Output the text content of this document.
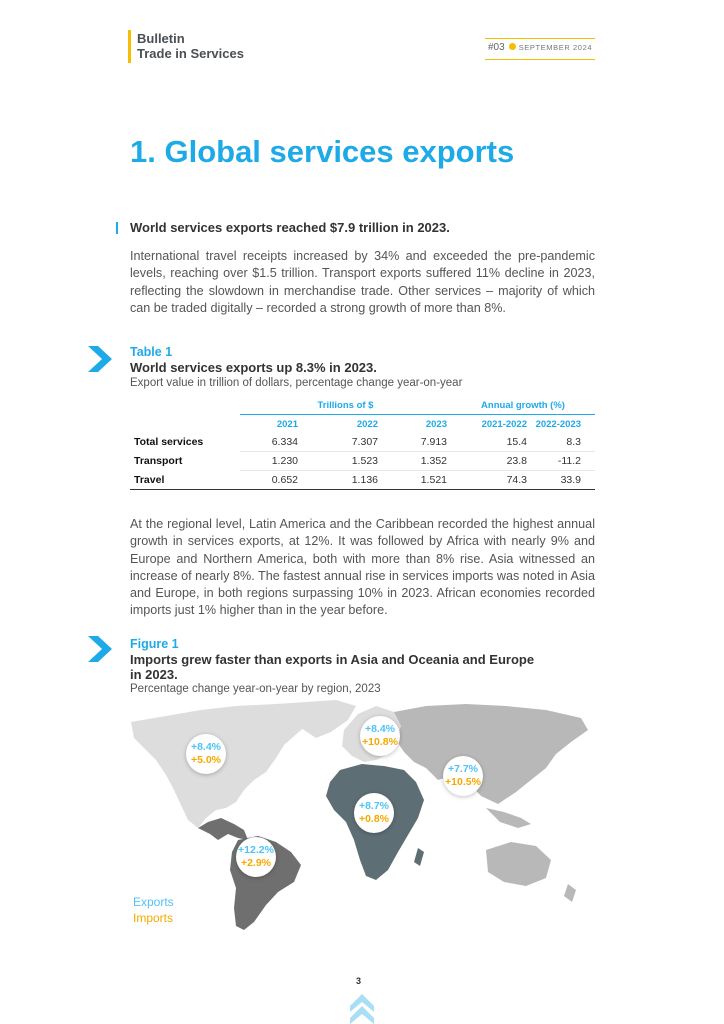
Bulletin
Trade in Services	#03 SEPTEMBER 2024
1. Global services exports
World services exports reached $7.9 trillion in 2023.
International travel receipts increased by 34% and exceeded the pre-pandemic levels, reaching over $1.5 trillion. Transport exports suffered 11% decline in 2023, reflecting the slowdown in merchandise trade. Other services – majority of which can be traded digitally – recorded a strong growth of more than 8%.
Table 1
World services exports up 8.3% in 2023.
Export value in trillion of dollars, percentage change year-on-year
	Trillions of $			Annual growth (%)	
	2021	2022	2023	2021-2022	2022-2023
Total services	6.334	7.307	7.913	15.4	8.3
Transport	1.230	1.523	1.352	23.8	-11.2
Travel	0.652	1.136	1.521	74.3	33.9
At the regional level, Latin America and the Caribbean recorded the highest annual growth in services exports, at 12%. It was followed by Africa with nearly 9% and Europe and Northern America, both with more than 8% rise. Asia witnessed an increase of nearly 8%. The fastest annual rise in services imports was noted in Asia and Europe, in both regions surpassing 10% in 2023. African economies recorded imports just 1% higher than in the year before.
Figure 1
Imports grew faster than exports in Asia and Oceania and Europe
in 2023.
Percentage change year-on-year by region, 2023
+8.4%
+5.0%
+8.4%
+10.8%
+7.7%
+10.5%
+8.7%
+0.8%
+12.2%
+2.9%
Exports
Imports
3
